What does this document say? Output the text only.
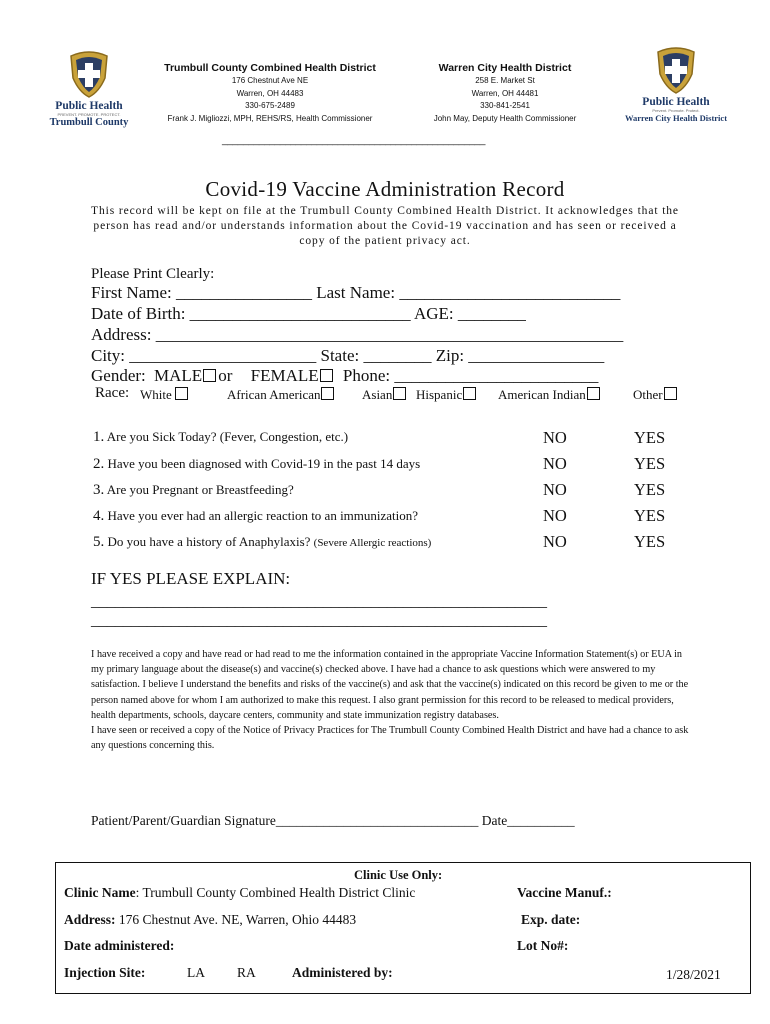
Public Health
PREVENT. PROMOTE. PROTECT.
Trumbull County
Public Health
Prevent. Promote. Protect.
Warren City Health District
Trumbull County Combined Health District
176 Chestnut Ave NE
Warren, OH 44483
330-675-2489
Frank J. Migliozzi, MPH, REHS/RS, Health Commissioner
Warren City Health District
258 E. Market St
Warren, OH 44481
330-841-2541
John May, Deputy Health Commissioner
__________________________________________________
Covid-19 Vaccine Administration Record
This record will be kept on file at the Trumbull County Combined Health District. It acknowledges that the person has read and/or understands information about the Covid-19 vaccination and has seen or received a copy of the patient privacy act.
Please Print Clearly:
First Name: ________________ Last Name: __________________________
Date of Birth: __________________________ AGE: ________
Address: _______________________________________________________
City: ______________________ State: ________ Zip: ________________
Gender: MALE or FEMALE Phone: ________________________
Race: White	African American	Asian	Hispanic	American Indian	Other
1. Are you Sick Today? (Fever, Congestion, etc.)	NO	YES
2. Have you been diagnosed with Covid-19 in the past 14 days	NO	YES
3. Are you Pregnant or Breastfeeding?	NO	YES
4. Have you ever had an allergic reaction to an immunization?	NO	YES
5. Do you have a history of Anaphylaxis? (Severe Allergic reactions)	NO	YES
IF YES PLEASE EXPLAIN:
_________________________________________________________
_________________________________________________________
I have received a copy and have read or had read to me the information contained in the appropriate Vaccine Information Statement(s) or EUA in my primary language about the disease(s) and vaccine(s) checked above. I have had a chance to ask questions which were answered to my satisfaction. I believe I understand the benefits and risks of the vaccine(s) and ask that the vaccine(s) indicated on this record be given to me or the person named above for whom I am authorized to make this request. I also grant permission for this record to be released to medical providers, health departments, schools, daycare centers, community and state immunization registry databases.
I have seen or received a copy of the Notice of Privacy Practices for The Trumbull County Combined Health District and have had a chance to ask any questions concerning this.
Patient/Parent/Guardian Signature______________________________ Date__________
Clinic Use Only:
Clinic Name: Trumbull County Combined Health District Clinic	Vaccine Manuf.:
Address: 176 Chestnut Ave. NE, Warren, Ohio 44483	Exp. date:
Date administered:	Lot No#:
Injection Site:	LA RA	Administered by:	1/28/2021
